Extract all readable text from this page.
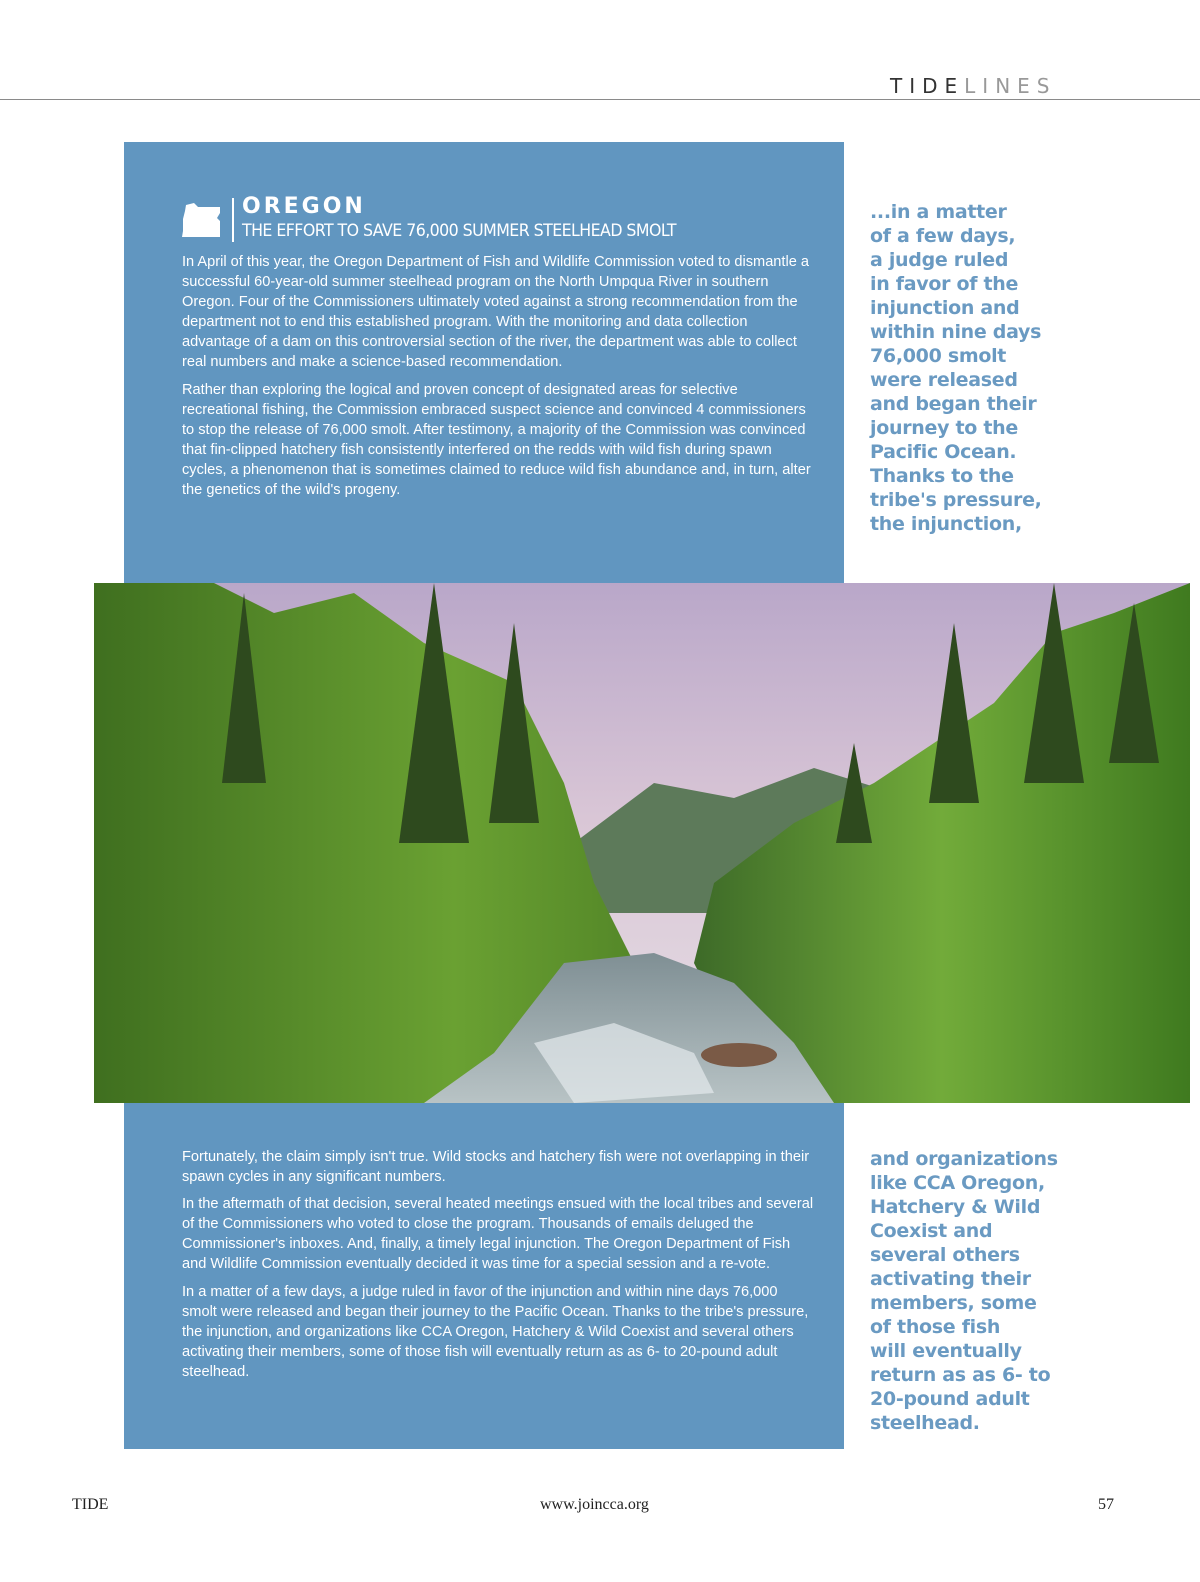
TIDELINES
OREGON
THE EFFORT TO SAVE 76,000 SUMMER STEELHEAD SMOLT

In April of this year, the Oregon Department of Fish and Wildlife Commission voted to dismantle a successful 60-year-old summer steelhead program on the North Umpqua River in southern Oregon. Four of the Commissioners ultimately voted against a strong recommendation from the department not to end this established program. With the monitoring and data collection advantage of a dam on this controversial section of the river, the department was able to collect real numbers and make a science-based recommendation.

Rather than exploring the logical and proven concept of designated areas for selective recreational fishing, the Commission embraced suspect science and convinced 4 commissioners to stop the release of 76,000 smolt. After testimony, a majority of the Commission was convinced that fin-clipped hatchery fish consistently interfered on the redds with wild fish during spawn cycles, a phenomenon that is sometimes claimed to reduce wild fish abundance and, in turn, alter the genetics of the wild's progeny.

...in a matter
of a few days,
a judge ruled
in favor of the
injunction and
within nine days
76,000 smolt
were released
and began their
journey to the
Pacific Ocean.
Thanks to the
tribe's pressure,
the injunction,

Fortunately, the claim simply isn't true. Wild stocks and hatchery fish were not overlapping in their spawn cycles in any significant numbers.

In the aftermath of that decision, several heated meetings ensued with the local tribes and several of the Commissioners who voted to close the program. Thousands of emails deluged the Commissioner's inboxes. And, finally, a timely legal injunction. The Oregon Department of Fish and Wildlife Commission eventually decided it was time for a special session and a re-vote.

In a matter of a few days, a judge ruled in favor of the injunction and within nine days 76,000 smolt were released and began their journey to the Pacific Ocean. Thanks to the tribe's pressure, the injunction, and organizations like CCA Oregon, Hatchery & Wild Coexist and several others activating their members, some of those fish will eventually return as as 6- to 20-pound adult steelhead.

and organizations
like CCA Oregon,
Hatchery & Wild
Coexist and
several others
activating their
members, some
of those fish
will eventually
return as as 6- to
20-pound adult
steelhead.
TIDE	www.joincca.org	57
